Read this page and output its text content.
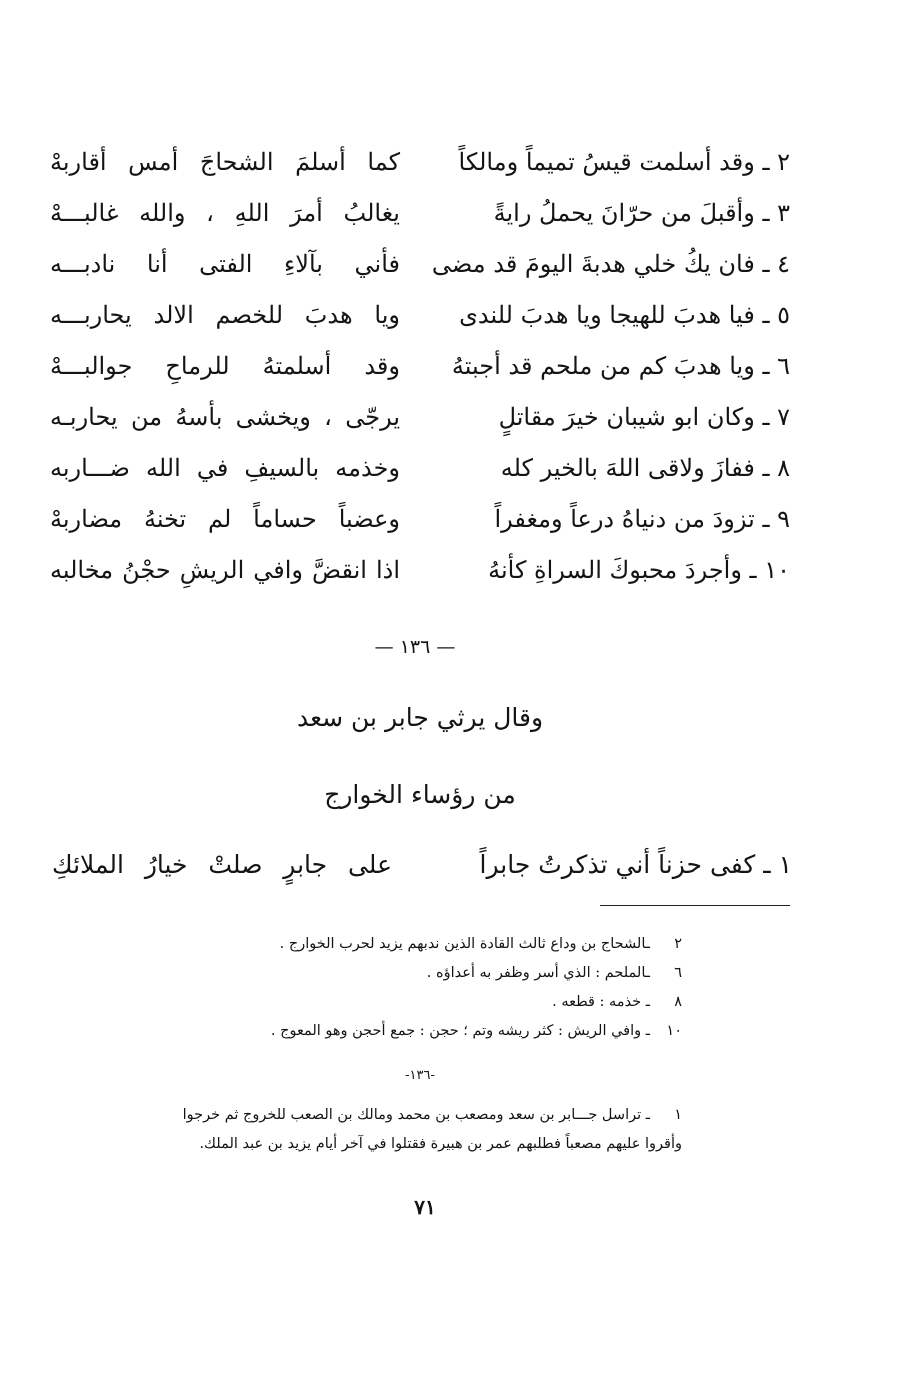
٢ ـ وقد أسلمت قيسُ تميماً ومالكاً
كما أسلمَ الشحاجَ أمس أقاربهْ
٣ ـ وأقبلَ من حرّانَ يحملُ رايةً
يغالبُ أمرَ اللهِ ، والله غالبـــهْ
٤ ـ فان يكُ خلي هدبةَ اليومَ قد مضى
فأني بآلاءِ الفتى أنا نادبـــه
٥ ـ فيا هدبَ للهيجا ويا هدبَ للندى
ويا هدبَ للخصم الالد يحاربـــه
٦ ـ ويا هدبَ كم من ملحم قد أجبتهُ
وقد أسلمتهُ للرماحِ جوالبـــهْ
٧ ـ وكان ابو شيبان خيرَ مقاتلٍ
يرجّى ، ويخشى بأسهُ من يحاربـه
٨ ـ ففازَ ولاقى اللهَ بالخير كله
وخذمه بالسيفِ في الله ضـــاربه
٩ ـ تزودَ من دنياهُ درعاً ومغفراً
وعضباً حساماً لم تخنهُ مضاربهْ
١٠ ـ وأجردَ محبوكَ السراةِ كأنهُ
اذا انقضَّ وافي الريشِ حجْنُ مخالبه
— ١٣٦ —
وقال يرثي جابر بن سعد
من رؤساء الخوارج
١ ـ كفى حزناً أني تذكرتُ جابراً
على جابرٍ صلتْ خيارُ الملائكِ
٢ـالشحاج بن وداع ثالث القادة الذين ندبهم يزيد لحرب الخوارج .
٦ـالملحم : الذي أسر وظفر به أعداؤه .
٨ـ خذمه : قطعه .
١٠ـ وافي الريش : كثر ريشه وتم ؛ حجن : جمع أحجن وهو المعوج .
-١٣٦-
١ـ تراسل جـــابر بن سعد ومصعب بن محمد ومالك بن الصعب للخروج ثم خرجوا
وأقروا عليهم مصعباً فطلبهم عمر بن هبيرة فقتلوا في آخر أيام يزيد بن عبد الملك.
٧١
